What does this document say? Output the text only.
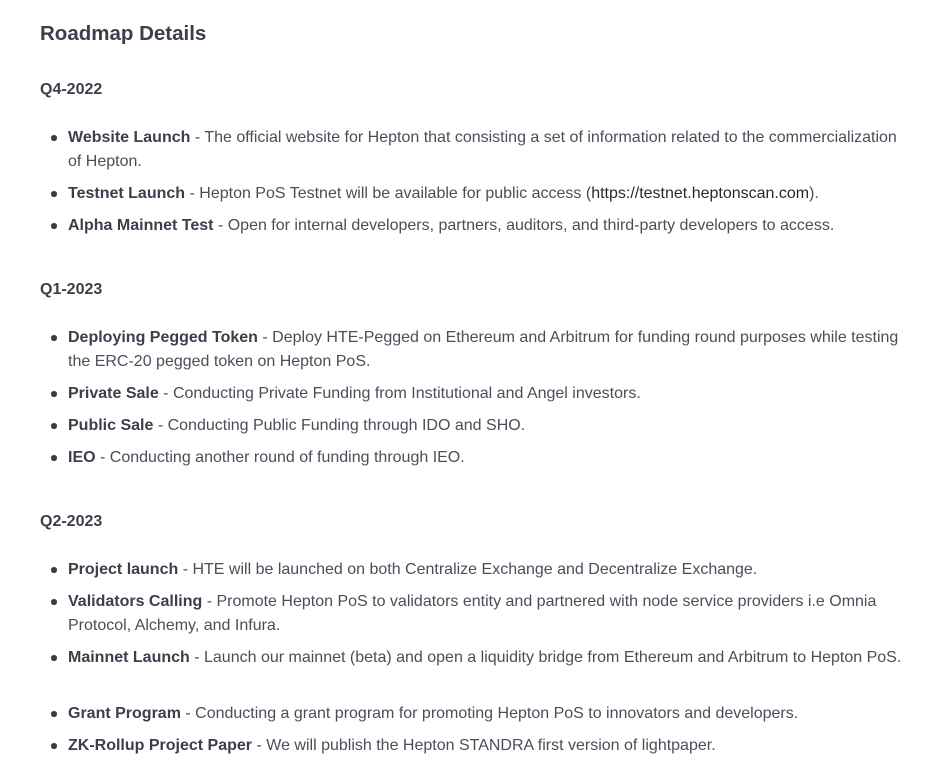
Roadmap Details
Q4-2022
Website Launch - The official website for Hepton that consisting a set of information related to the commercialization of Hepton.
Testnet Launch - Hepton PoS Testnet will be available for public access (https://testnet.heptonscan.com).
Alpha Mainnet Test - Open for internal developers, partners, auditors, and third-party developers to access.
Q1-2023
Deploying Pegged Token - Deploy HTE-Pegged on Ethereum and Arbitrum for funding round purposes while testing the ERC-20 pegged token on Hepton PoS.
Private Sale - Conducting Private Funding from Institutional and Angel investors.
Public Sale - Conducting Public Funding through IDO and SHO.
IEO - Conducting another round of funding through IEO.
Q2-2023
Project launch - HTE will be launched on both Centralize Exchange and Decentralize Exchange.
Validators Calling - Promote Hepton PoS to validators entity and partnered with node service providers i.e Omnia Protocol, Alchemy, and Infura.
Mainnet Launch - Launch our mainnet (beta) and open a liquidity bridge from Ethereum and Arbitrum to Hepton PoS.
Grant Program - Conducting a grant program for promoting Hepton PoS to innovators and developers.
ZK-Rollup Project Paper - We will publish the Hepton STANDRA first version of lightpaper.
